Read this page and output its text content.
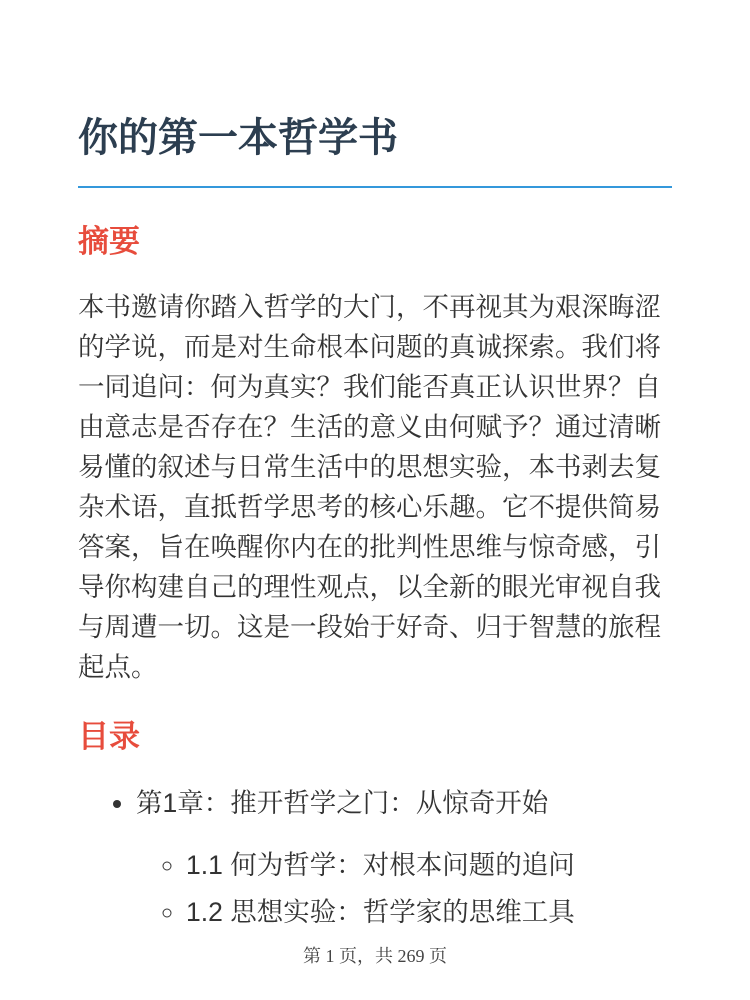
你的第一本哲学书
摘要

本书邀请你踏入哲学的大门，不再视其为艰深晦涩的学说，而是对生命根本问题的真诚探索。我们将一同追问：何为真实？我们能否真正认识世界？自由意志是否存在？生活的意义由何赋予？通过清晰易懂的叙述与日常生活中的思想实验，本书剥去复杂术语，直抵哲学思考的核心乐趣。它不提供简易答案，旨在唤醒你内在的批判性思维与惊奇感，引导你构建自己的理性观点，以全新的眼光审视自我与周遭一切。这是一段始于好奇、归于智慧的旅程起点。

目录
• 第1章：推开哲学之门：从惊奇开始
◦ 1.1 何为哲学：对根本问题的追问
◦ 1.2 思想实验：哲学家的思维工具
第 1 页，共 269 页
